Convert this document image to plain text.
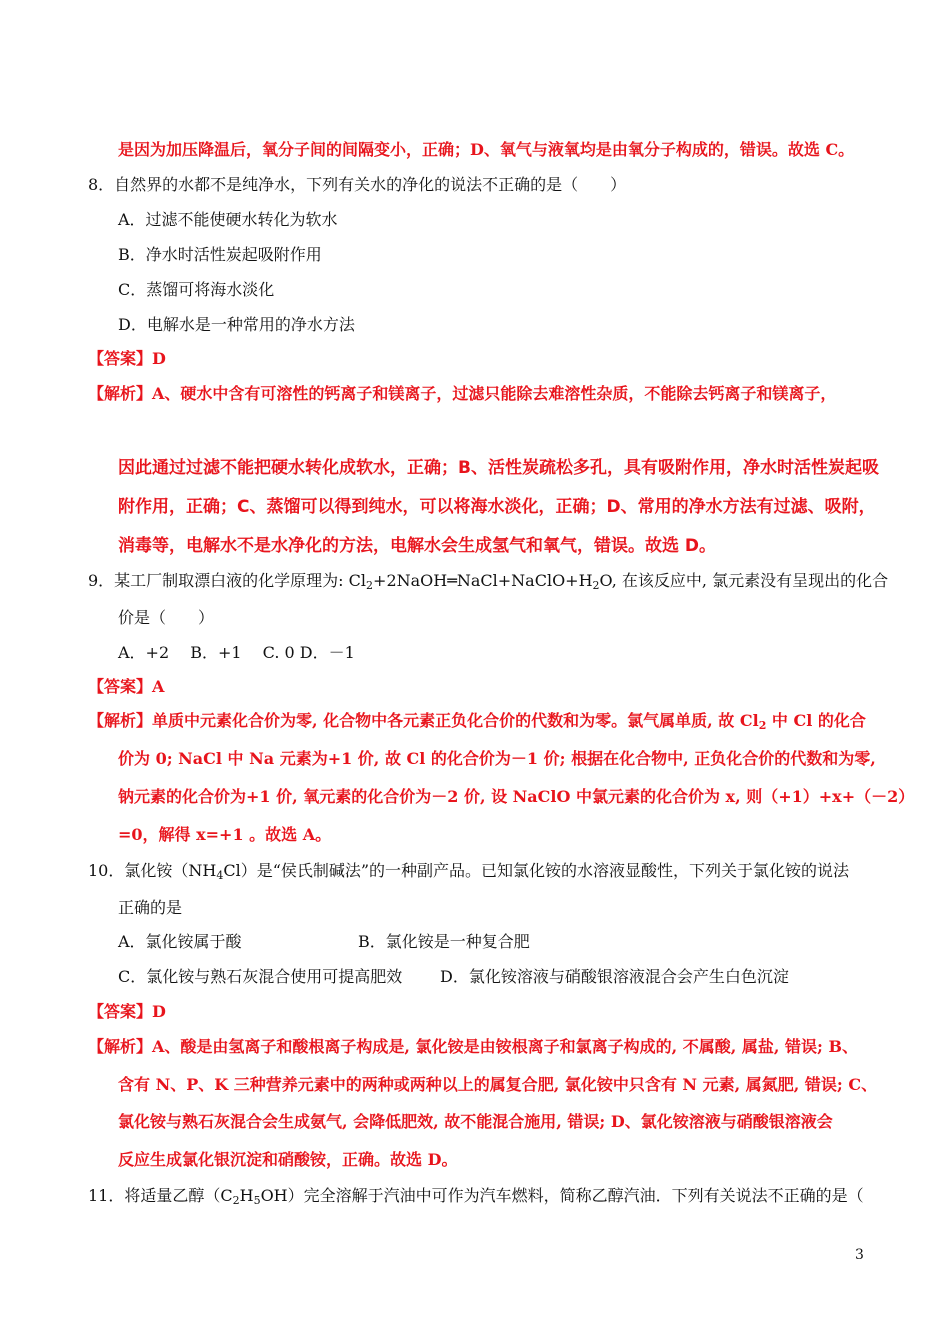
是因为加压降温后，氧分子间的间隔变小，正确；D、氧气与液氧均是由氧分子构成的，错误。故选 C。
8．自然界的水都不是纯净水，下列有关水的净化的说法不正确的是（　　）
A．过滤不能使硬水转化为软水
B．净水时活性炭起吸附作用
C．蒸馏可将海水淡化
D．电解水是一种常用的净水方法
【答案】D
【解析】A、硬水中含有可溶性的钙离子和镁离子，过滤只能除去难溶性杂质，不能除去钙离子和镁离子，
因此通过过滤不能把硬水转化成软水，正确；B、活性炭疏松多孔，具有吸附作用，净水时活性炭起吸
附作用，正确；C、蒸馏可以得到纯水，可以将海水淡化，正确；D、常用的净水方法有过滤、吸附，
消毒等，电解水不是水净化的方法，电解水会生成氢气和氧气，错误。故选 D。
9．某工厂制取漂白液的化学原理为: $Cl_2+2NaOH═NaCl+NaClO+H_2O$, 在该反应中, 氯元素没有呈现出的化合
价是（　　）
A．+2　 B．+1　 C. 0 D．－1
【答案】A
【解析】单质中元素化合价为零, 化合物中各元素正负化合价的代数和为零。氯气属单质, 故 $Cl_2$ 中 Cl 的化合
价为 0; NaCl 中 Na 元素为+1 价, 故 Cl 的化合价为－1 价; 根据在化合物中, 正负化合价的代数和为零,
钠元素的化合价为+1 价, 氧元素的化合价为－2 价, 设 NaClO 中氯元素的化合价为 x, 则（+1）+x+（－2）
=0，解得 x=+1 。故选 A。
10．氯化铵$(NH_4Cl)$是“侯氏制碱法”的一种副产品。已知氯化铵的水溶液显酸性，下列关于氯化铵的说法
正确的是
A．氯化铵属于酸	B．氯化铵是一种复合肥
C．氯化铵与熟石灰混合使用可提高肥效 D．氯化铵溶液与硝酸银溶液混合会产生白色沉淀
【答案】D
【解析】A、酸是由氢离子和酸根离子构成是, 氯化铵是由铵根离子和氯离子构成的, 不属酸, 属盐, 错误; B、
含有 N、P、K 三种营养元素中的两种或两种以上的属复合肥, 氯化铵中只含有 N 元素, 属氮肥, 错误; C、
氯化铵与熟石灰混合会生成氨气, 会降低肥效, 故不能混合施用, 错误; D、氯化铵溶液与硝酸银溶液会
反应生成氯化银沉淀和硝酸铵，正确。故选 D。
11．将适量乙醇$(C_2H_5OH)$完全溶解于汽油中可作为汽车燃料，简称乙醇汽油．下列有关说法不正确的是（
3
